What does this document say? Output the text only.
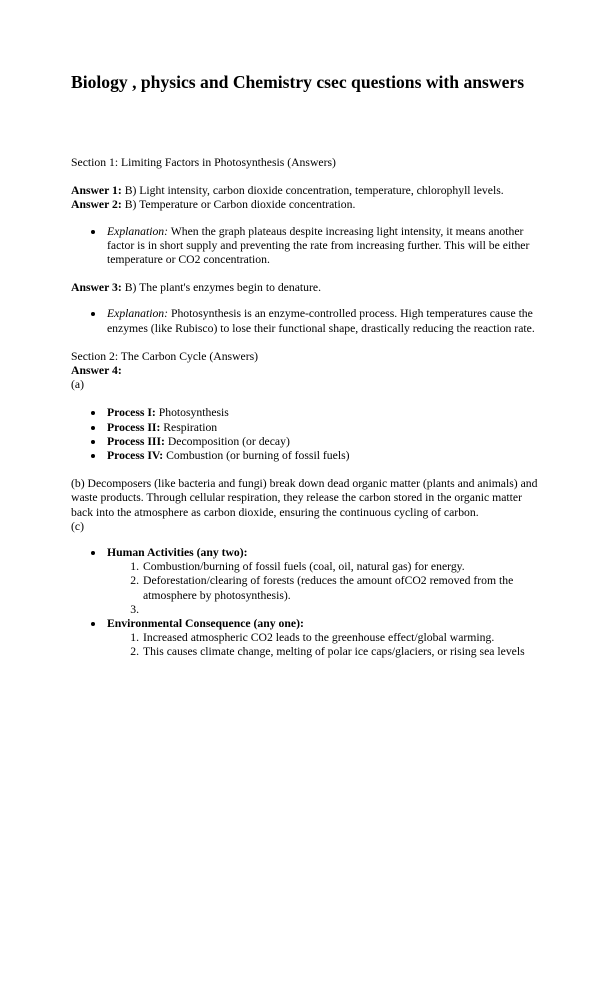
Biology , physics and Chemistry csec questions with answers

Section 1: Limiting Factors in Photosynthesis (Answers)

Answer 1: B) Light intensity, carbon dioxide concentration, temperature, chlorophyll levels.

Answer 2: B) Temperature or Carbon dioxide concentration.

Explanation: When the graph plateaus despite increasing light intensity, it means another factor is in short supply and preventing the rate from increasing further. This will be either temperature or CO2 concentration.

Answer 3: B) The plant's enzymes begin to denature.

Explanation: Photosynthesis is an enzyme-controlled process. High temperatures cause the enzymes (like Rubisco) to lose their functional shape, drastically reducing the reaction rate.

Section 2: The Carbon Cycle (Answers)

Answer 4:

(a)

Process I: Photosynthesis
Process II: Respiration
Process III: Decomposition (or decay)
Process IV: Combustion (or burning of fossil fuels)

(b) Decomposers (like bacteria and fungi) break down dead organic matter (plants and animals) and waste products. Through cellular respiration, they release the carbon stored in the organic matter back into the atmosphere as carbon dioxide, ensuring the continuous cycling of carbon.

(c)

Human Activities (any two):
1. Combustion/burning of fossil fuels (coal, oil, natural gas) for energy.
2. Deforestation/clearing of forests (reduces the amount ofCO2 removed from the atmosphere by photosynthesis).
3.

Environmental Consequence (any one):
1. Increased atmospheric CO2 leads to the greenhouse effect/global warming.
2. This causes climate change, melting of polar ice caps/glaciers, or rising sea levels
